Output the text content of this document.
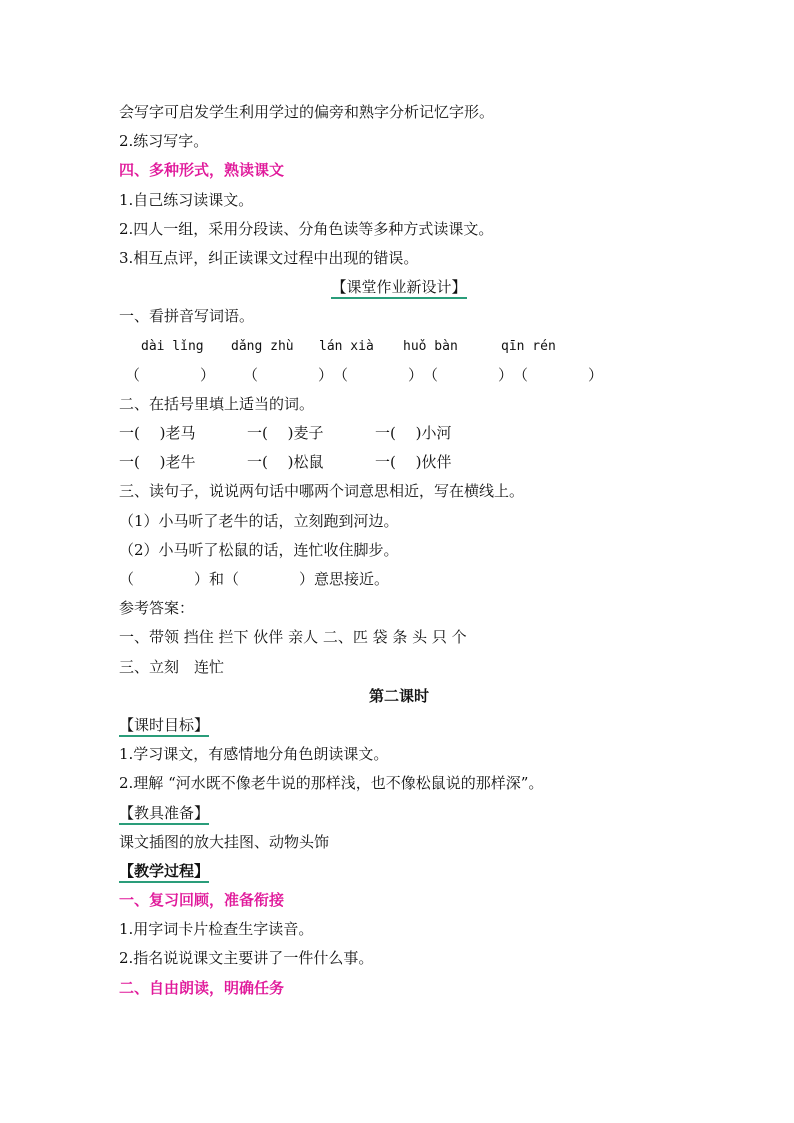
会写字可启发学生利用学过的偏旁和熟字分析记忆字形。
2.练习写字。
四、多种形式，熟读课文
1.自己练习读课文。
2.四人一组，采用分段读、分角色读等多种方式读课文。
3.相互点评，纠正读课文过程中出现的错误。
【课堂作业新设计】
一、看拼音写词语。
dài lǐng dǎng zhù lán xià huǒ bàn	qīn rén
（　　　　） （　　　　）（　　　　）（　　　　）（　　　　）
二、在括号里填上适当的词。
一(　 )老马	一(　 )麦子	一(　 )小河
一(　 )老牛	一(　 )松鼠	一(　 )伙伴
三、读句子，说说两句话中哪两个词意思相近，写在横线上。
（1）小马听了老牛的话，立刻跑到河边。
（2）小马听了松鼠的话，连忙收住脚步。
（　　　　）和（　　　　）意思接近。
参考答案：
一、带领 挡住 拦下 伙伴 亲人 二、匹 袋 条 头 只 个
三、立刻　连忙
第二课时
【课时目标】
1.学习课文，有感情地分角色朗读课文。
2.理解 “河水既不像老牛说的那样浅，也不像松鼠说的那样深”。
【教具准备】
课文插图的放大挂图、动物头饰
【教学过程】
一、复习回顾，准备衔接
1.用字词卡片检查生字读音。
2.指名说说课文主要讲了一件什么事。
二、自由朗读，明确任务
